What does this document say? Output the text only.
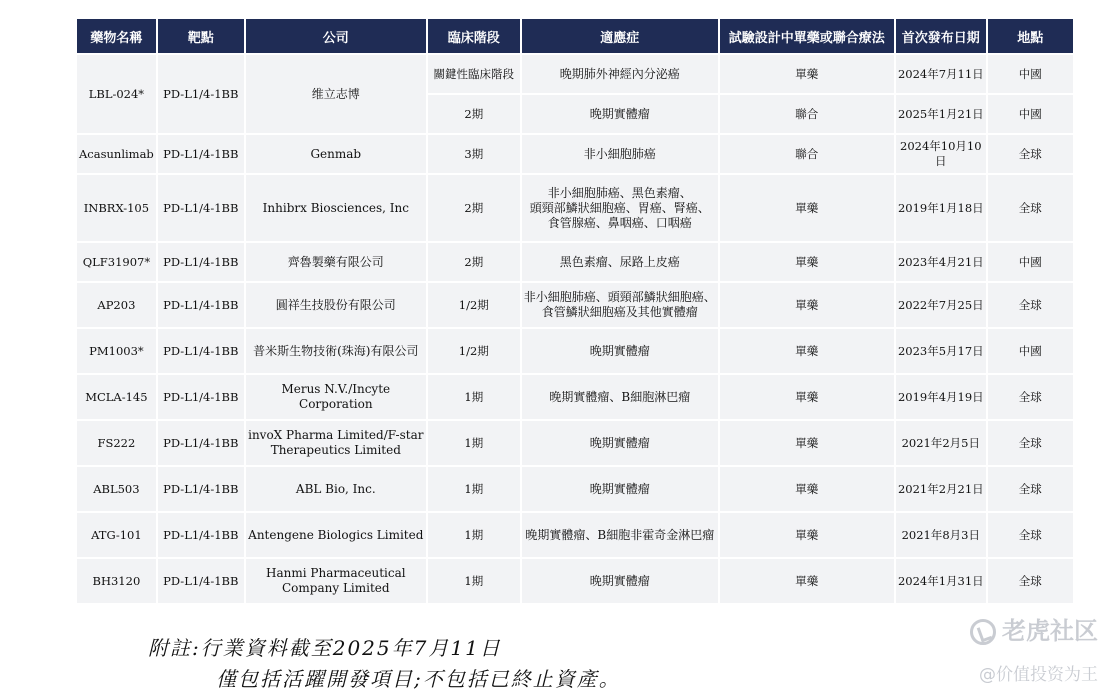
藥物名稱	靶點	公司	臨床階段	適應症	試驗設計中單藥或聯合療法	首次發布日期	地點
LBL-024*	PD-L1/4-1BB	维立志博	關鍵性臨床階段	晚期肺外神經內分泌癌	單藥	2024年7月11日	中國
			2期	晚期實體瘤	聯合	2025年1月21日	中國
Acasunlimab	PD-L1/4-1BB	Genmab	3期	非小細胞肺癌	聯合	2024年10月10日	全球
INBRX-105	PD-L1/4-1BB	Inhibrx Biosciences, Inc	2期	非小細胞肺癌、黑色素瘤、
頭頸部鱗狀細胞癌、胃癌、腎癌、
食管腺癌、鼻咽癌、口咽癌	單藥	2019年1月18日	全球
QLF31907*	PD-L1/4-1BB	齊魯製藥有限公司	2期	黑色素瘤、尿路上皮癌	單藥	2023年4月21日	中國
AP203	PD-L1/4-1BB	圓祥生技股份有限公司	1/2期	非小細胞肺癌、頭頸部鱗狀細胞癌、
食管鱗狀細胞癌及其他實體瘤	單藥	2022年7月25日	全球
PM1003*	PD-L1/4-1BB	普米斯生物技術(珠海)有限公司	1/2期	晚期實體瘤	單藥	2023年5月17日	中國
MCLA-145	PD-L1/4-1BB	Merus N.V./Incyte Corporation	1期	晚期實體瘤、B細胞淋巴瘤	單藥	2019年4月19日	全球
FS222	PD-L1/4-1BB	invoX Pharma Limited/F-star
Therapeutics Limited	1期	晚期實體瘤	單藥	2021年2月5日	全球
ABL503	PD-L1/4-1BB	ABL Bio, Inc.	1期	晚期實體瘤	單藥	2021年2月21日	全球
ATG-101	PD-L1/4-1BB	Antengene Biologics Limited	1期	晚期實體瘤、B細胞非霍奇金淋巴瘤	單藥	2021年8月3日	全球
BH3120	PD-L1/4-1BB	Hanmi Pharmaceutical
Company Limited	1期	晚期實體瘤	單藥	2024年1月31日	全球
附註:行業資料截至2025年7月11日
僅包括活躍開發項目;不包括已終止資產。
老虎社区
@价值投资为王
